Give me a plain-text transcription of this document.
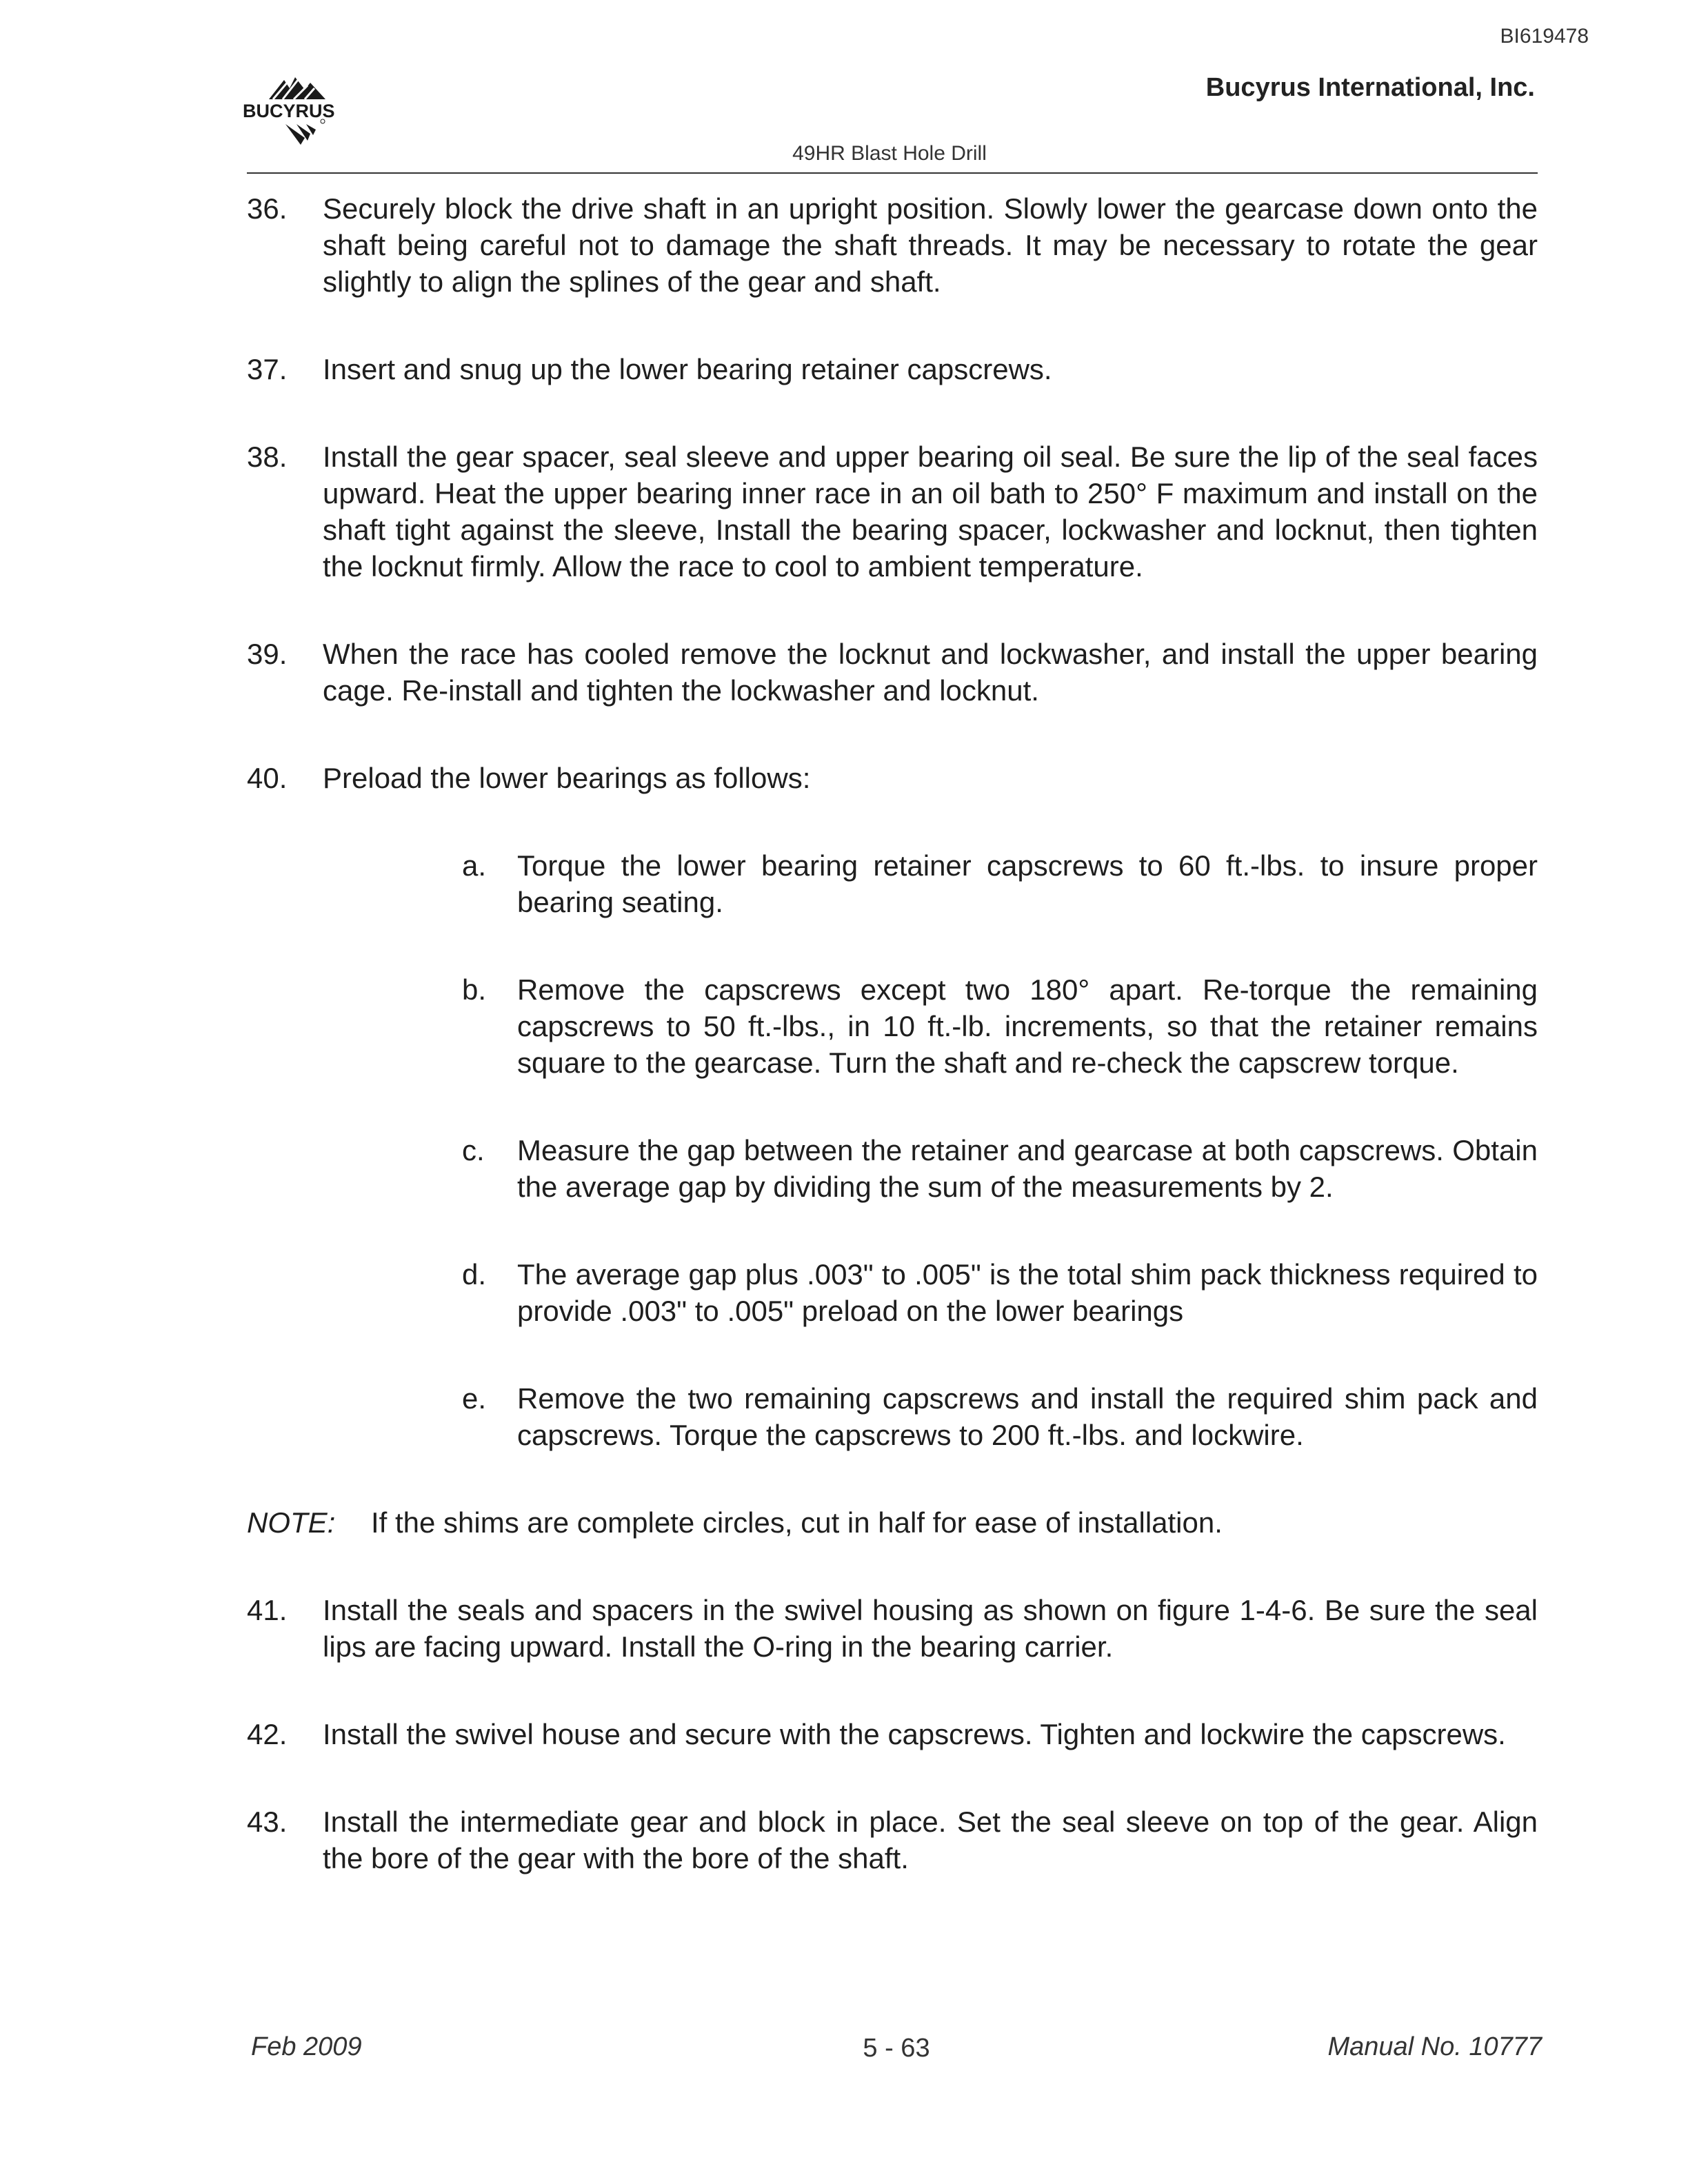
BI619478
BUCYRUS
Bucyrus International, Inc.
49HR Blast Hole Drill
36. Securely block the drive shaft in an upright position. Slowly lower the gearcase down onto the shaft being careful not to damage the shaft threads. It may be necessary to rotate the gear slightly to align the splines of the gear and shaft.
37. Insert and snug up the lower bearing retainer capscrews.
38. Install the gear spacer, seal sleeve and upper bearing oil seal. Be sure the lip of the seal faces upward. Heat the upper bearing inner race in an oil bath to 250° F maximum and install on the shaft tight against the sleeve, Install the bearing spacer, lockwasher and locknut, then tighten the locknut firmly. Allow the race to cool to ambient temperature.
39. When the race has cooled remove the locknut and lockwasher, and install the upper bearing cage. Re-install and tighten the lockwasher and locknut.
40. Preload the lower bearings as follows:
a. Torque the lower bearing retainer capscrews to 60 ft.-lbs. to insure proper bearing seating.
b. Remove the capscrews except two 180° apart. Re-torque the remaining capscrews to 50 ft.-lbs., in 10 ft.-lb. increments, so that the retainer remains square to the gearcase. Turn the shaft and re-check the capscrew torque.
c. Measure the gap between the retainer and gearcase at both capscrews. Obtain the average gap by dividing the sum of the measurements by 2.
d. The average gap plus .003" to .005" is the total shim pack thickness required to provide .003" to .005" preload on the lower bearings
e. Remove the two remaining capscrews and install the required shim pack and capscrews. Torque the capscrews to 200 ft.-lbs. and lockwire.
NOTE: If the shims are complete circles, cut in half for ease of installation.
41. Install the seals and spacers in the swivel housing as shown on figure 1-4-6. Be sure the seal lips are facing upward. Install the O-ring in the bearing carrier.
42. Install the swivel house and secure with the capscrews. Tighten and lockwire the capscrews.
43. Install the intermediate gear and block in place. Set the seal sleeve on top of the gear. Align the bore of the gear with the bore of the shaft.
Feb 2009	5 - 63	Manual No. 10777
